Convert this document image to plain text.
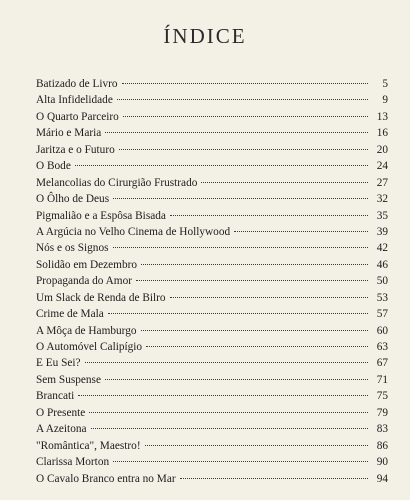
ÍNDICE
Batizado de Livro	5
Alta Infidelidade	9
O Quarto Parceiro	13
Mário e Maria	16
Jaritza e o Futuro	20
O Bode	24
Melancolias do Cirurgião Frustrado	27
O Ôlho de Deus	32
Pigmalião e a Espôsa Bisada	35
A Argúcia no Velho Cinema de Hollywood	39
Nós e os Signos	42
Solidão em Dezembro	46
Propaganda do Amor	50
Um Slack de Renda de Bilro	53
Crime de Mala	57
A Môça de Hamburgo	60
O Automóvel Calipígio	63
E Eu Sei?	67
Sem Suspense	71
Brancati	75
O Presente	79
A Azeitona	83
"Romântica", Maestro!	86
Clarissa Morton	90
O Cavalo Branco entra no Mar	94
